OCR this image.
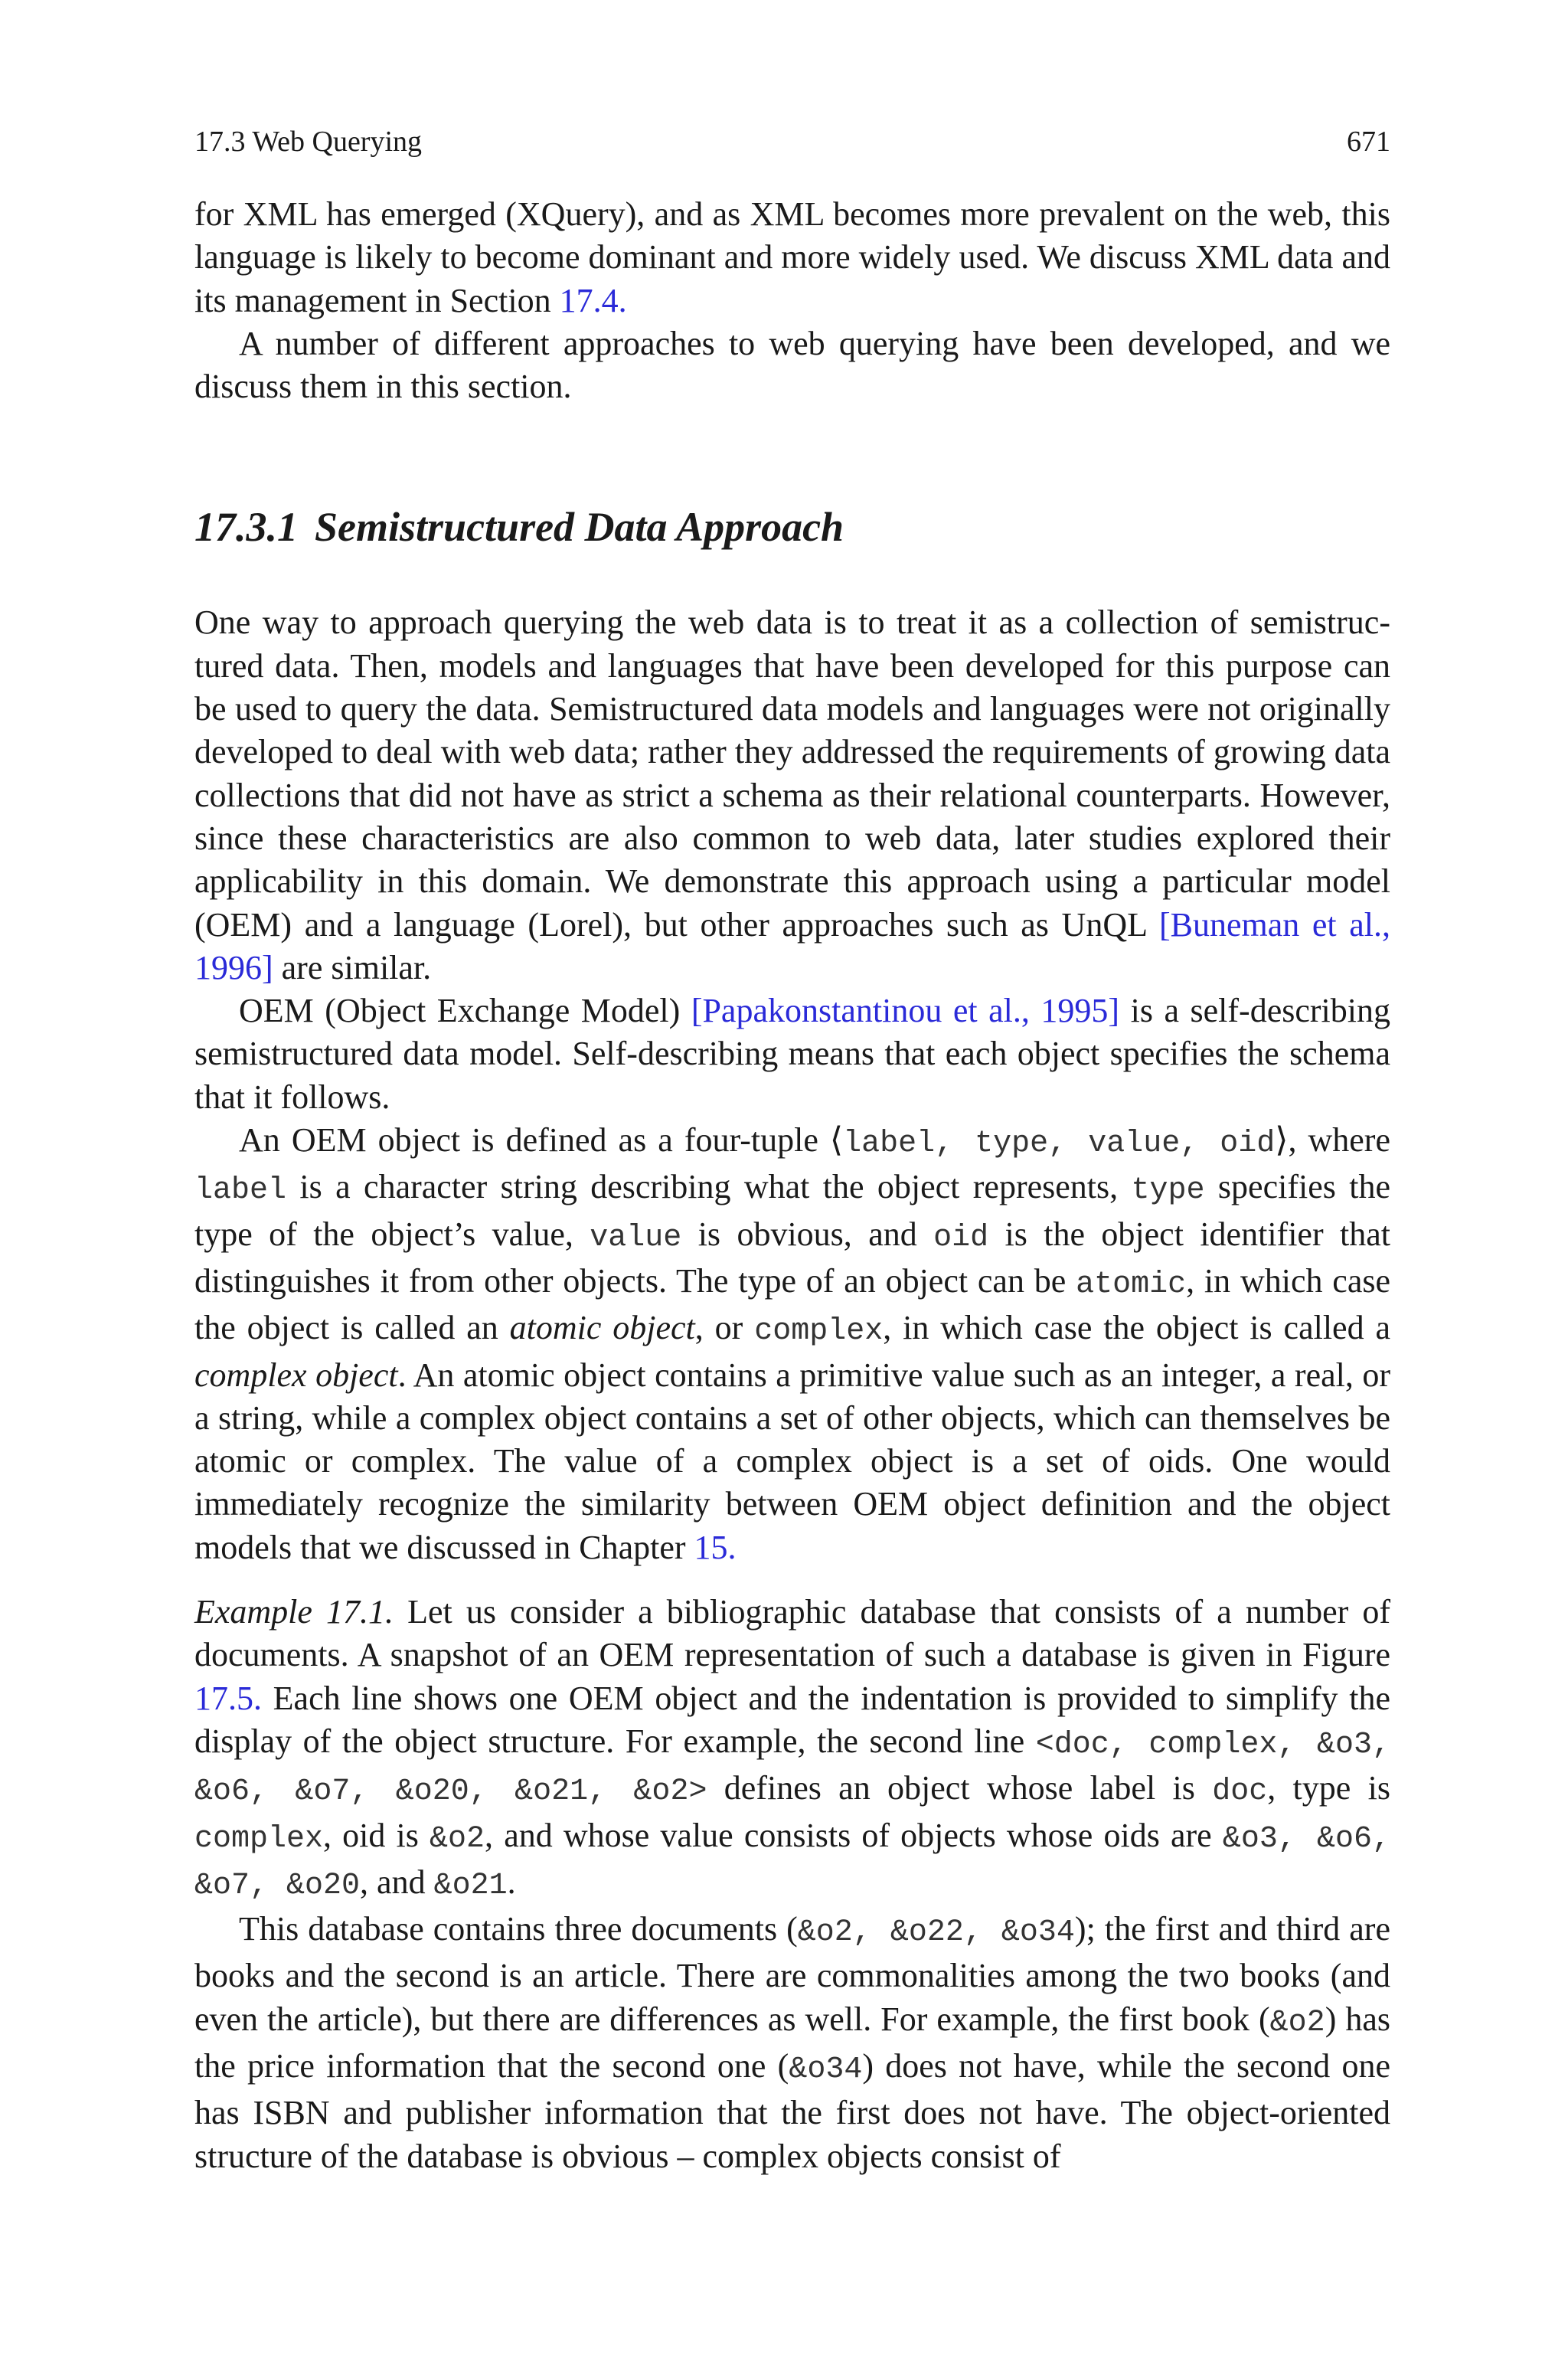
17.3 Web Querying	671

for XML has emerged (XQuery), and as XML becomes more prevalent on the web, this language is likely to become dominant and more widely used. We discuss XML data and its management in Section 17.4.

A number of different approaches to web querying have been developed, and we discuss them in this section.

17.3.1 Semistructured Data Approach

One way to approach querying the web data is to treat it as a collection of semistructured data. Then, models and languages that have been developed for this purpose can be used to query the data. Semistructured data models and languages were not originally developed to deal with web data; rather they addressed the requirements of growing data collections that did not have as strict a schema as their relational counterparts. However, since these characteristics are also common to web data, later studies explored their applicability in this domain. We demonstrate this approach using a particular model (OEM) and a language (Lorel), but other approaches such as UnQL [Buneman et al., 1996] are similar.

OEM (Object Exchange Model) [Papakonstantinou et al., 1995] is a self-describing semistructured data model. Self-describing means that each object specifies the schema that it follows.

An OEM object is defined as a four-tuple ⟨label, type, value, oid⟩, where label is a character string describing what the object represents, type specifies the type of the object’s value, value is obvious, and oid is the object identifier that distinguishes it from other objects. The type of an object can be atomic, in which case the object is called an atomic object, or complex, in which case the object is called a complex object. An atomic object contains a primitive value such as an integer, a real, or a string, while a complex object contains a set of other objects, which can themselves be atomic or complex. The value of a complex object is a set of oids. One would immediately recognize the similarity between OEM object definition and the object models that we discussed in Chapter 15.

Example 17.1. Let us consider a bibliographic database that consists of a number of documents. A snapshot of an OEM representation of such a database is given in Figure 17.5. Each line shows one OEM object and the indentation is provided to simplify the display of the object structure. For example, the second line <doc, complex, &o3, &o6, &o7, &o20, &o21, &o2> defines an object whose label is doc, type is complex, oid is &o2, and whose value consists of objects whose oids are &o3, &o6, &o7, &o20, and &o21.

This database contains three documents (&o2, &o22, &o34); the first and third are books and the second is an article. There are commonalities among the two books (and even the article), but there are differences as well. For example, the first book (&o2) has the price information that the second one (&o34) does not have, while the second one has ISBN and publisher information that the first does not have. The object-oriented structure of the database is obvious – complex objects consist of
